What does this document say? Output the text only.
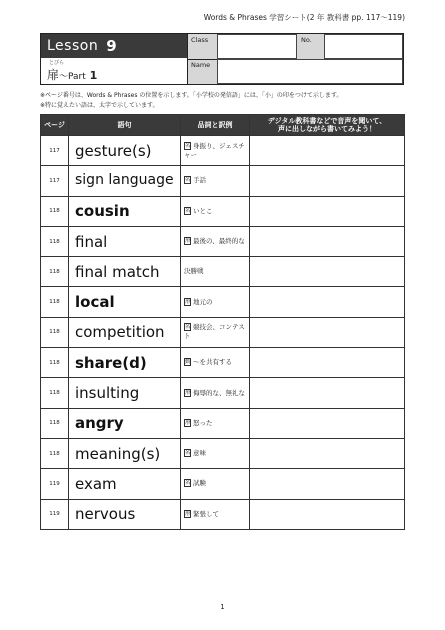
Words & Phrases 学習シート(2 年 教科書 pp. 117〜119)
Lesson 9
とびら
扉〜Part 1
Class	No.
Name
※ページ番号は、Words & Phrases の位置を示します。「小学校の発信語」には、「小」の印をつけて示します。
※特に覚えたい語は、太字で示しています。
ページ	語句	品詞と訳例	デジタル教科書などで音声を聞いて、
声に出しながら書いてみよう！
117	gesture(s)	名 身振り、ジェスチャー	
117	sign language	名 手話	
118	cousin	名 いとこ	
118	final	形 最後の、最終的な	
118	final match	決勝戦	
118	local	形 地元の	
118	competition	名 競技会、コンテスト	
118	share(d)	動 〜を共有する	
118	insulting	形 侮辱的な、無礼な	
118	angry	形 怒った	
118	meaning(s)	名 意味	
119	exam	名 試験	
119	nervous	形 緊張して	
1
